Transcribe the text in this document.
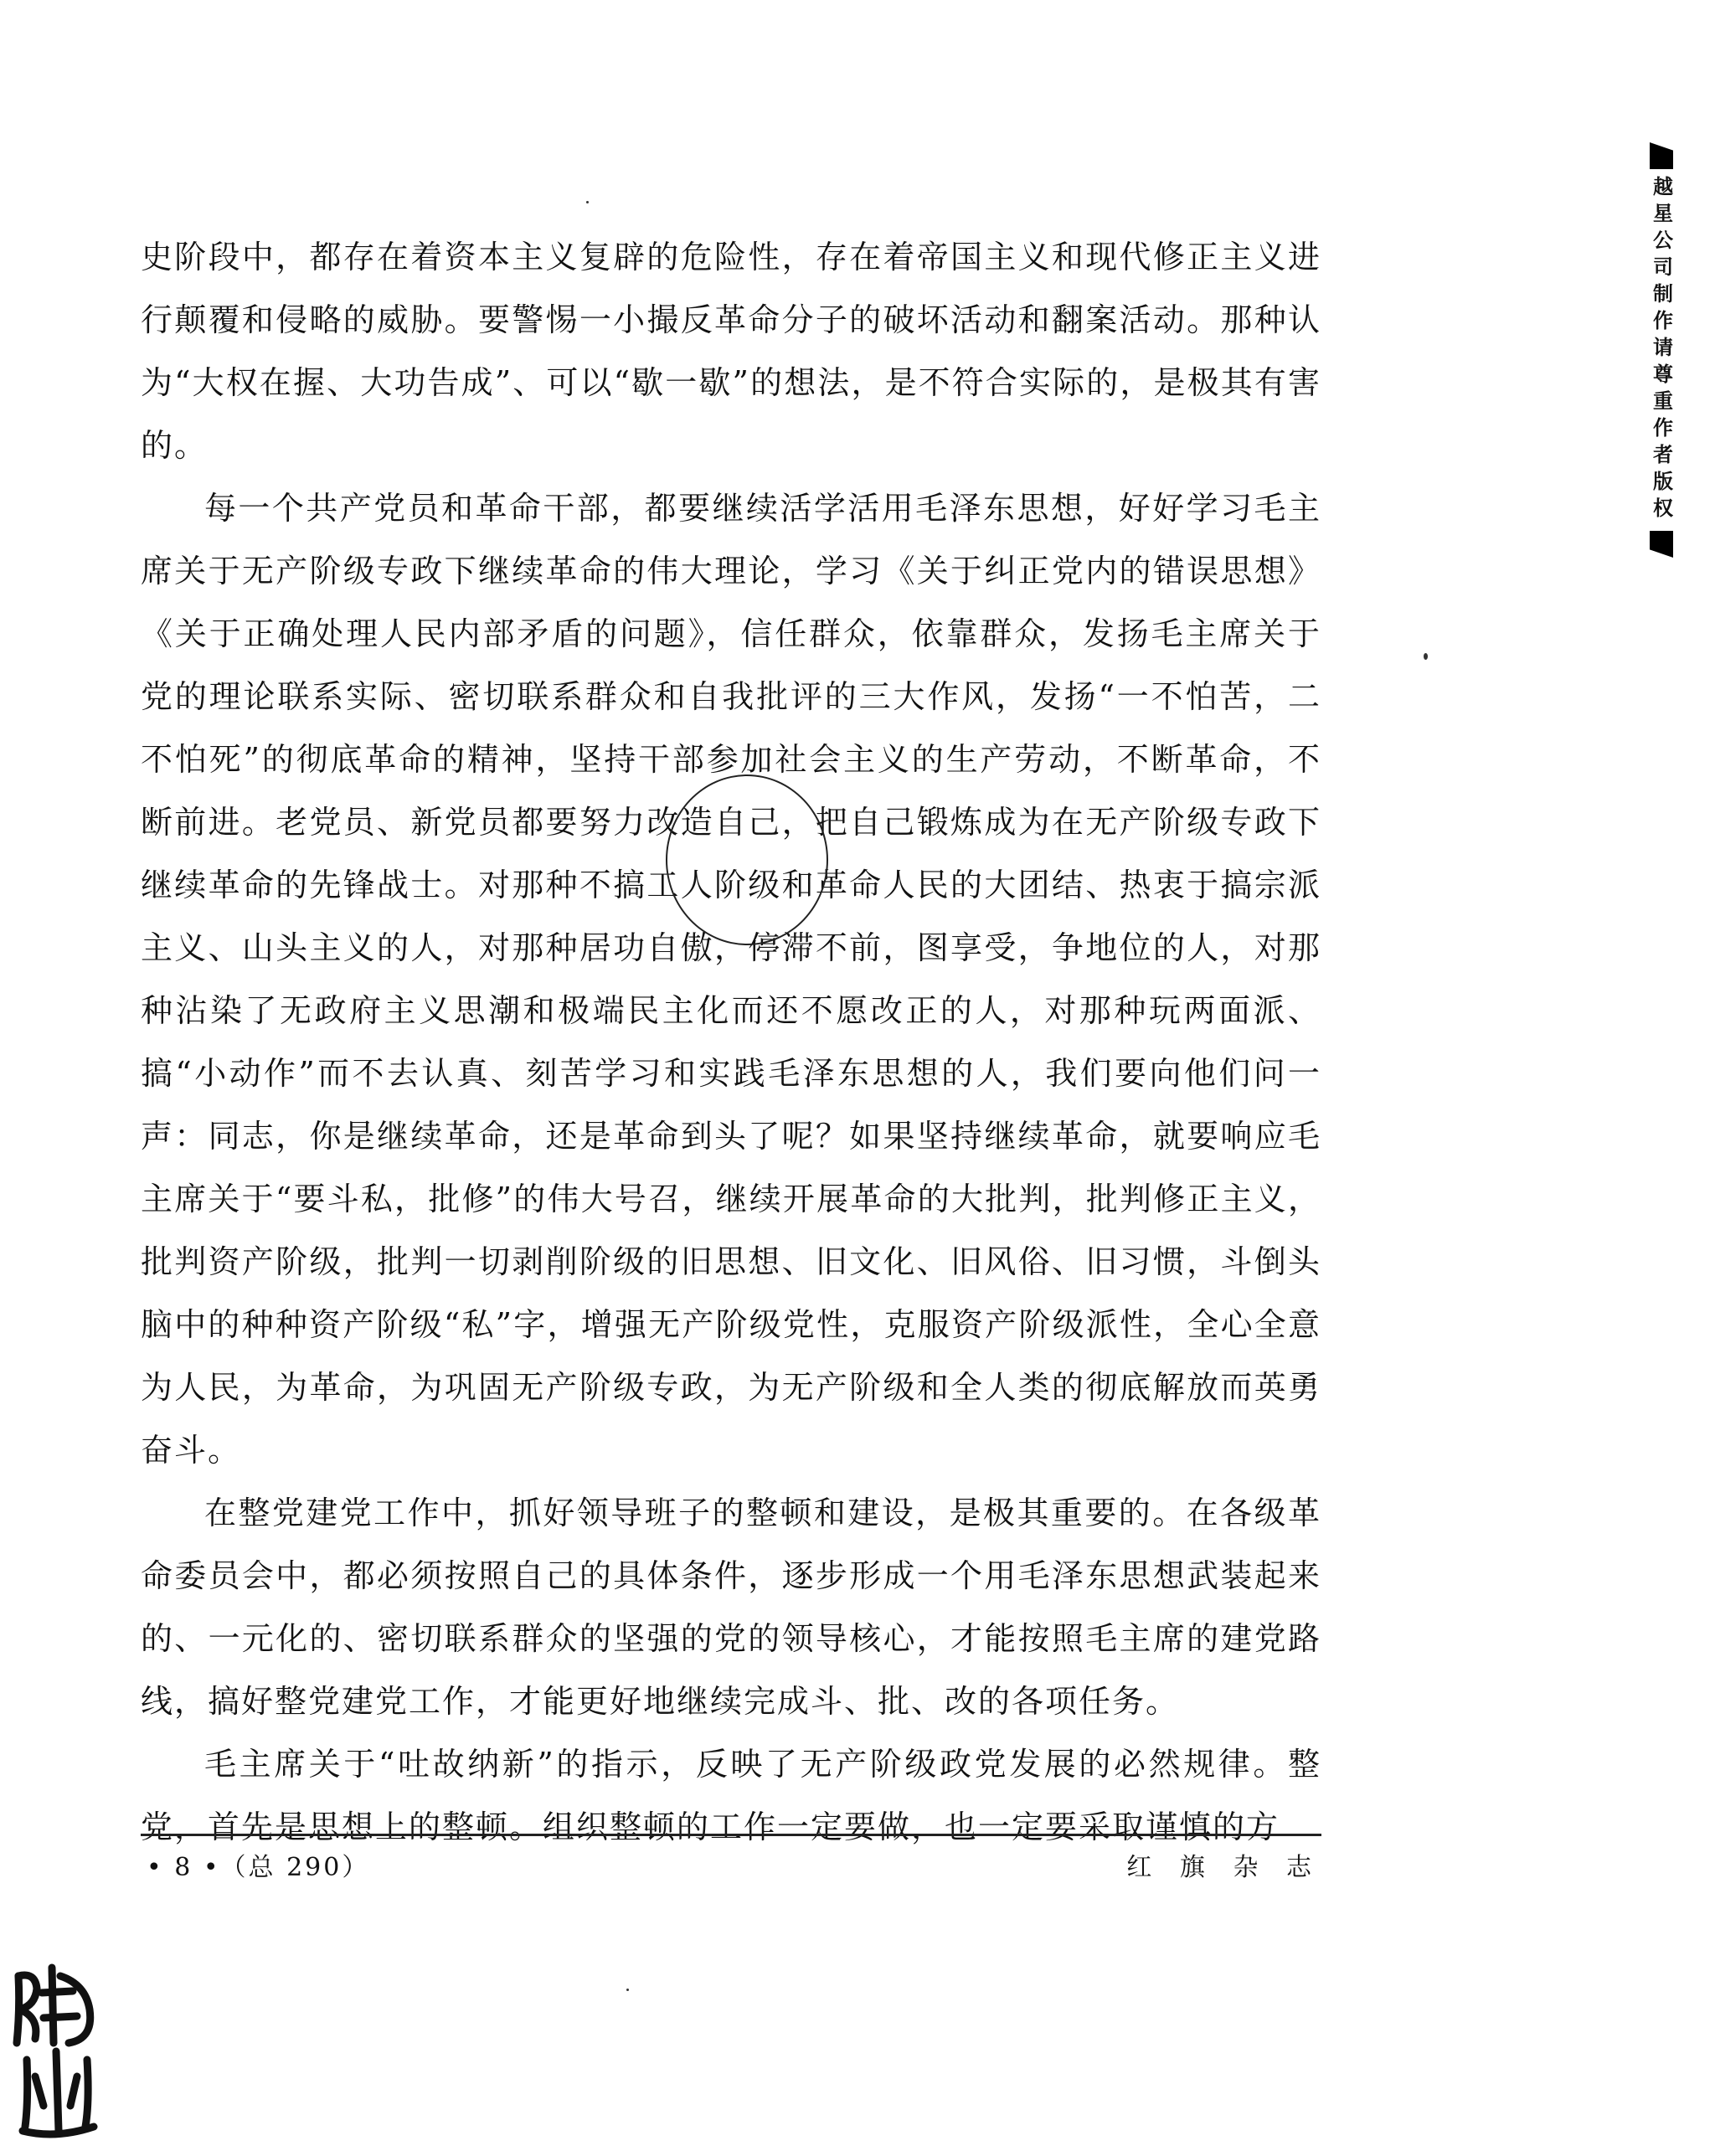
史阶段中，都存在着资本主义复辟的危险性，存在着帝国主义和现代修正主义进行颠覆和侵略的威胁。要警惕一小撮反革命分子的破坏活动和翻案活动。那种认为“大权在握、大功告成”、可以“歇一歇”的想法，是不符合实际的，是极其有害的。

每一个共产党员和革命干部，都要继续活学活用毛泽东思想，好好学习毛主席关于无产阶级专政下继续革命的伟大理论，学习《关于纠正党内的错误思想》《关于正确处理人民内部矛盾的问题》，信任群众，依靠群众，发扬毛主席关于党的理论联系实际、密切联系群众和自我批评的三大作风，发扬“一不怕苦，二不怕死”的彻底革命的精神，坚持干部参加社会主义的生产劳动，不断革命，不断前进。老党员、新党员都要努力改造自己，把自己锻炼成为在无产阶级专政下继续革命的先锋战士。对那种不搞工人阶级和革命人民的大团结、热衷于搞宗派主义、山头主义的人，对那种居功自傲，停滞不前，图享受，争地位的人，对那种沾染了无政府主义思潮和极端民主化而还不愿改正的人，对那种玩两面派、搞“小动作”而不去认真、刻苦学习和实践毛泽东思想的人，我们要向他们问一声：同志，你是继续革命，还是革命到头了呢？如果坚持继续革命，就要响应毛主席关于“要斗私，批修”的伟大号召，继续开展革命的大批判，批判修正主义，批判资产阶级，批判一切剥削阶级的旧思想、旧文化、旧风俗、旧习惯，斗倒头脑中的种种资产阶级“私”字，增强无产阶级党性，克服资产阶级派性，全心全意为人民，为革命，为巩固无产阶级专政，为无产阶级和全人类的彻底解放而英勇奋斗。

在整党建党工作中，抓好领导班子的整顿和建设，是极其重要的。在各级革命委员会中，都必须按照自己的具体条件，逐步形成一个用毛泽东思想武装起来的、一元化的、密切联系群众的坚强的党的领导核心，才能按照毛主席的建党路线，搞好整党建党工作，才能更好地继续完成斗、批、改的各项任务。

毛主席关于“吐故纳新”的指示，反映了无产阶级政党发展的必然规律。整党，首先是思想上的整顿。组织整顿的工作一定要做，也一定要采取谨慎的方

• 8 •（总 290）	红 旗 杂 志
越星公司制作请尊重作者版权
